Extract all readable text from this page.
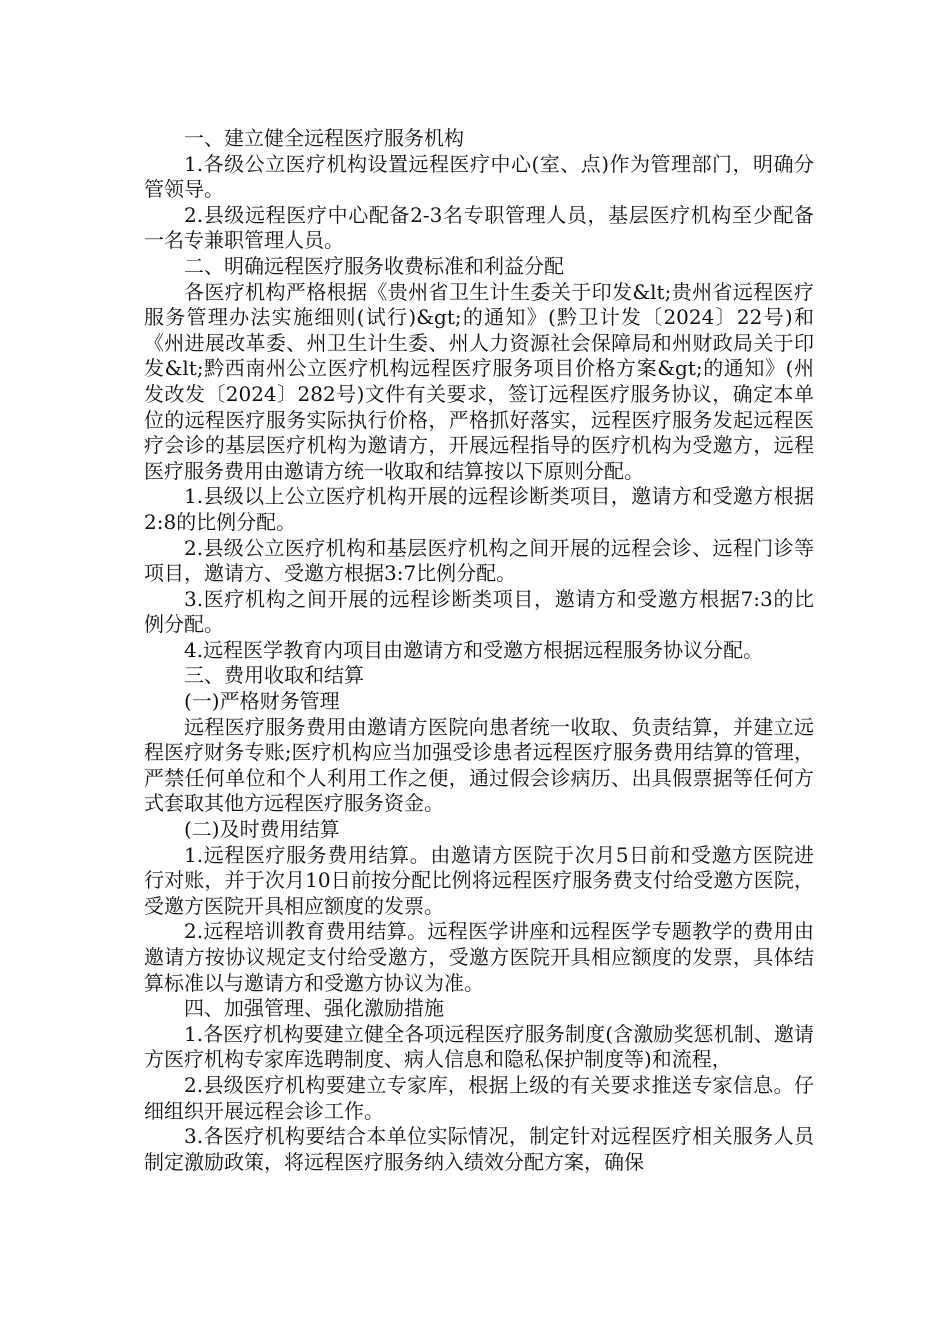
一、建立健全远程医疗服务机构

1.各级公立医疗机构设置远程医疗中心(室、点)作为管理部门，明确分管领导。

2.县级远程医疗中心配备2-3名专职管理人员，基层医疗机构至少配备一名专兼职管理人员。

二、明确远程医疗服务收费标准和利益分配

各医疗机构严格根据《贵州省卫生计生委关于印发&lt;贵州省远程医疗服务管理办法实施细则(试行)&gt;的通知》(黔卫计发〔2024〕22号)和《州进展改革委、州卫生计生委、州人力资源社会保障局和州财政局关于印发&lt;黔西南州公立医疗机构远程医疗服务项目价格方案&gt;的通知》(州发改发〔2024〕282号)文件有关要求，签订远程医疗服务协议，确定本单位的远程医疗服务实际执行价格，严格抓好落实，远程医疗服务发起远程医疗会诊的基层医疗机构为邀请方，开展远程指导的医疗机构为受邀方，远程医疗服务费用由邀请方统一收取和结算按以下原则分配。

1.县级以上公立医疗机构开展的远程诊断类项目，邀请方和受邀方根据2:8的比例分配。

2.县级公立医疗机构和基层医疗机构之间开展的远程会诊、远程门诊等项目，邀请方、受邀方根据3:7比例分配。

3.医疗机构之间开展的远程诊断类项目，邀请方和受邀方根据7:3的比例分配。

4.远程医学教育内项目由邀请方和受邀方根据远程服务协议分配。

三、费用收取和结算

(一)严格财务管理

远程医疗服务费用由邀请方医院向患者统一收取、负责结算，并建立远程医疗财务专账;医疗机构应当加强受诊患者远程医疗服务费用结算的管理，严禁任何单位和个人利用工作之便，通过假会诊病历、出具假票据等任何方式套取其他方远程医疗服务资金。

(二)及时费用结算

1.远程医疗服务费用结算。由邀请方医院于次月5日前和受邀方医院进行对账，并于次月10日前按分配比例将远程医疗服务费支付给受邀方医院，受邀方医院开具相应额度的发票。

2.远程培训教育费用结算。远程医学讲座和远程医学专题教学的费用由邀请方按协议规定支付给受邀方，受邀方医院开具相应额度的发票，具体结算标准以与邀请方和受邀方协议为准。

四、加强管理、强化激励措施

1.各医疗机构要建立健全各项远程医疗服务制度(含激励奖惩机制、邀请方医疗机构专家库选聘制度、病人信息和隐私保护制度等)和流程，

2.县级医疗机构要建立专家库，根据上级的有关要求推送专家信息。仔细组织开展远程会诊工作。

3.各医疗机构要结合本单位实际情况，制定针对远程医疗相关服务人员制定激励政策，将远程医疗服务纳入绩效分配方案，确保
